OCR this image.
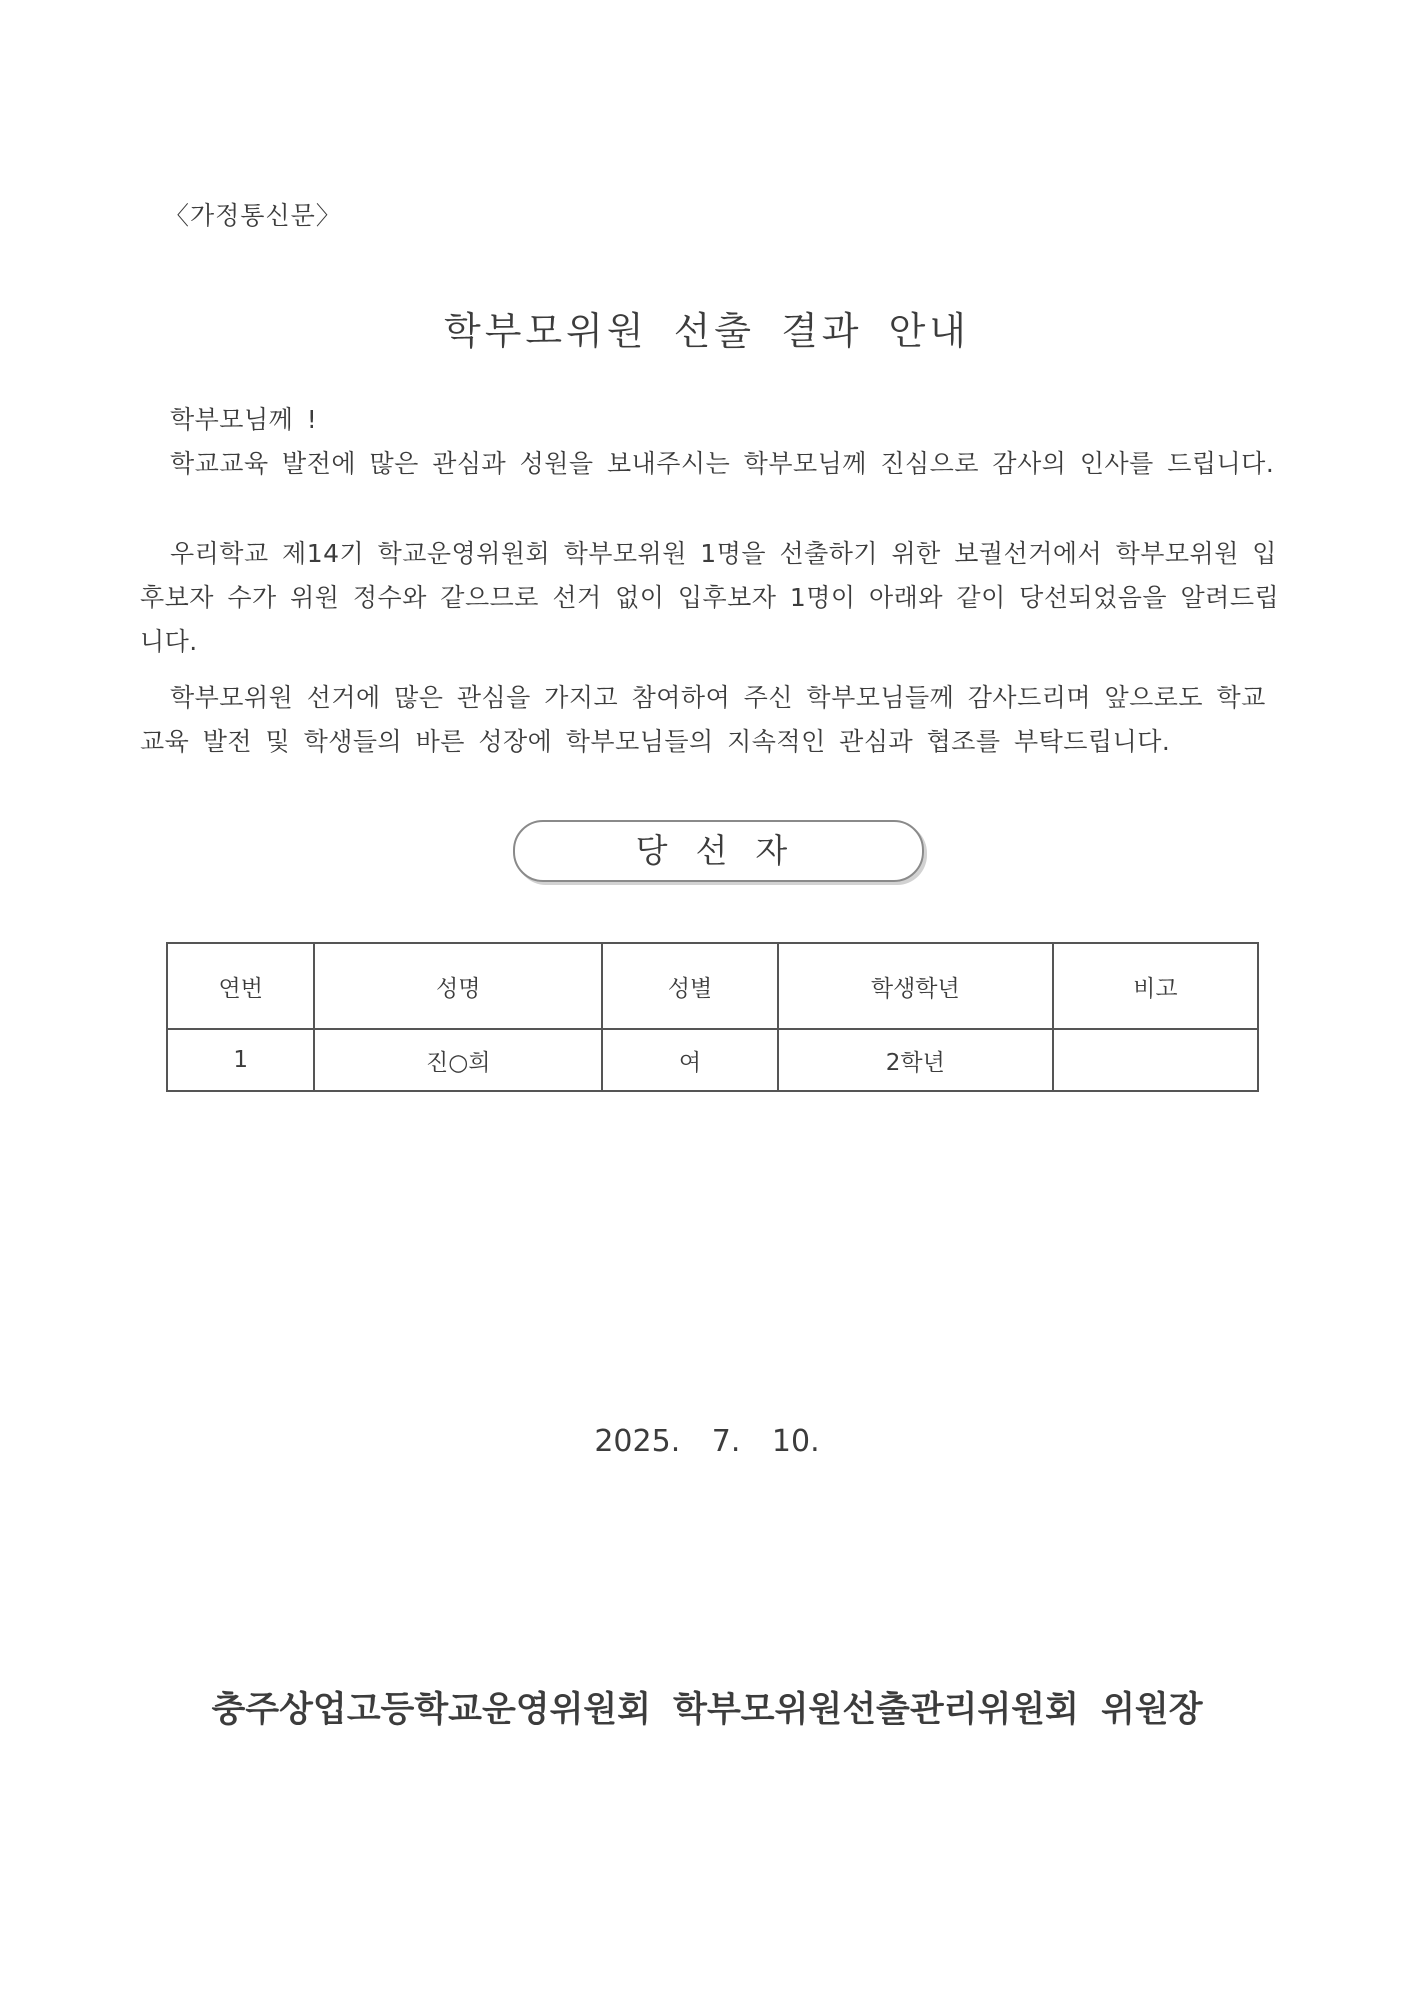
〈가정통신문〉
학부모위원 선출 결과 안내

학부모님께 !

학교교육 발전에 많은 관심과 성원을 보내주시는 학부모님께 진심으로 감사의 인사를 드립니다.

우리학교 제14기 학교운영위원회 학부모위원 1명을 선출하기 위한 보궐선거에서 학부모위원 입후보자 수가 위원 정수와 같으므로 선거 없이 입후보자 1명이 아래와 같이 당선되었음을 알려드립니다.

학부모위원 선거에 많은 관심을 가지고 참여하여 주신 학부모님들께 감사드리며 앞으로도 학교 교육 발전 및 학생들의 바른 성장에 학부모님들의 지속적인 관심과 협조를 부탁드립니다.

당선자
연번	성명	성별	학생학년	비고
1	진○희	여	2학년	
2025. 7. 10.
충주상업고등학교운영위원회 학부모위원선출관리위원회 위원장
